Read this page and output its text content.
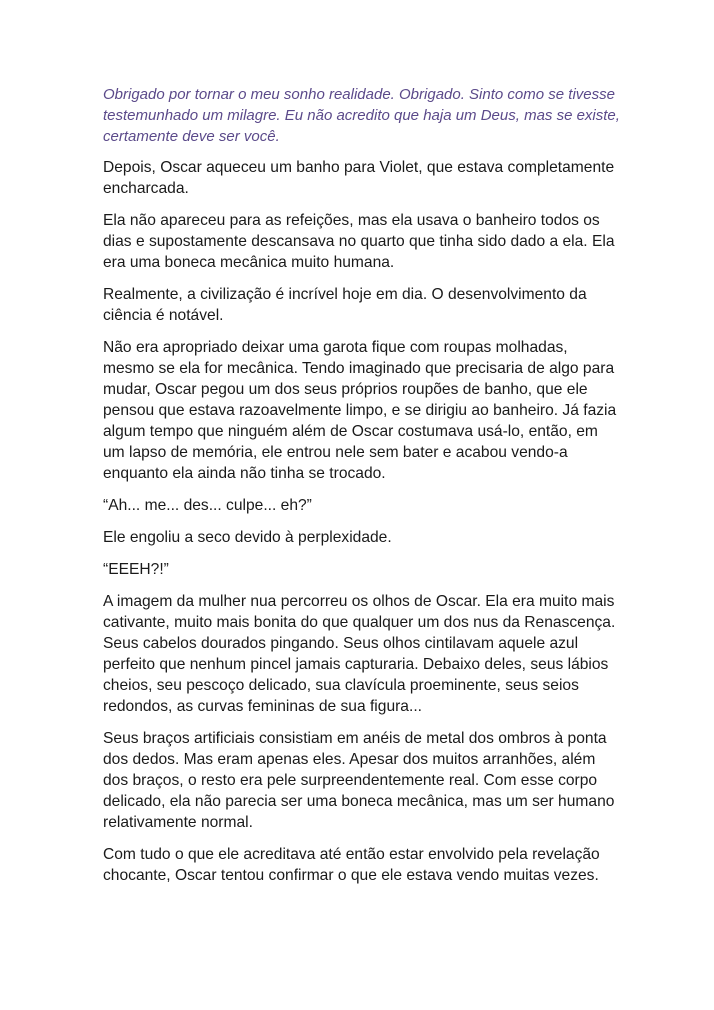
Obrigado por tornar o meu sonho realidade. Obrigado. Sinto como se tivesse testemunhado um milagre. Eu não acredito que haja um Deus, mas se existe, certamente deve ser você.

Depois, Oscar aqueceu um banho para Violet, que estava completamente encharcada.

Ela não apareceu para as refeições, mas ela usava o banheiro todos os dias e supostamente descansava no quarto que tinha sido dado a ela. Ela era uma boneca mecânica muito humana.

Realmente, a civilização é incrível hoje em dia. O desenvolvimento da ciência é notável.

Não era apropriado deixar uma garota fique com roupas molhadas, mesmo se ela for mecânica. Tendo imaginado que precisaria de algo para mudar, Oscar pegou um dos seus próprios roupões de banho, que ele pensou que estava razoavelmente limpo, e se dirigiu ao banheiro. Já fazia algum tempo que ninguém além de Oscar costumava usá-lo, então, em um lapso de memória, ele entrou nele sem bater e acabou vendo-a enquanto ela ainda não tinha se trocado.

“Ah... me... des... culpe... eh?”

Ele engoliu a seco devido à perplexidade.

“EEEH?!”

A imagem da mulher nua percorreu os olhos de Oscar. Ela era muito mais cativante, muito mais bonita do que qualquer um dos nus da Renascença. Seus cabelos dourados pingando. Seus olhos cintilavam aquele azul perfeito que nenhum pincel jamais capturaria. Debaixo deles, seus lábios cheios, seu pescoço delicado, sua clavícula proeminente, seus seios redondos, as curvas femininas de sua figura...

Seus braços artificiais consistiam em anéis de metal dos ombros à ponta dos dedos. Mas eram apenas eles. Apesar dos muitos arranhões, além dos braços, o resto era pele surpreendentemente real. Com esse corpo delicado, ela não parecia ser uma boneca mecânica, mas um ser humano relativamente normal.

Com tudo o que ele acreditava até então estar envolvido pela revelação chocante, Oscar tentou confirmar o que ele estava vendo muitas vezes.
